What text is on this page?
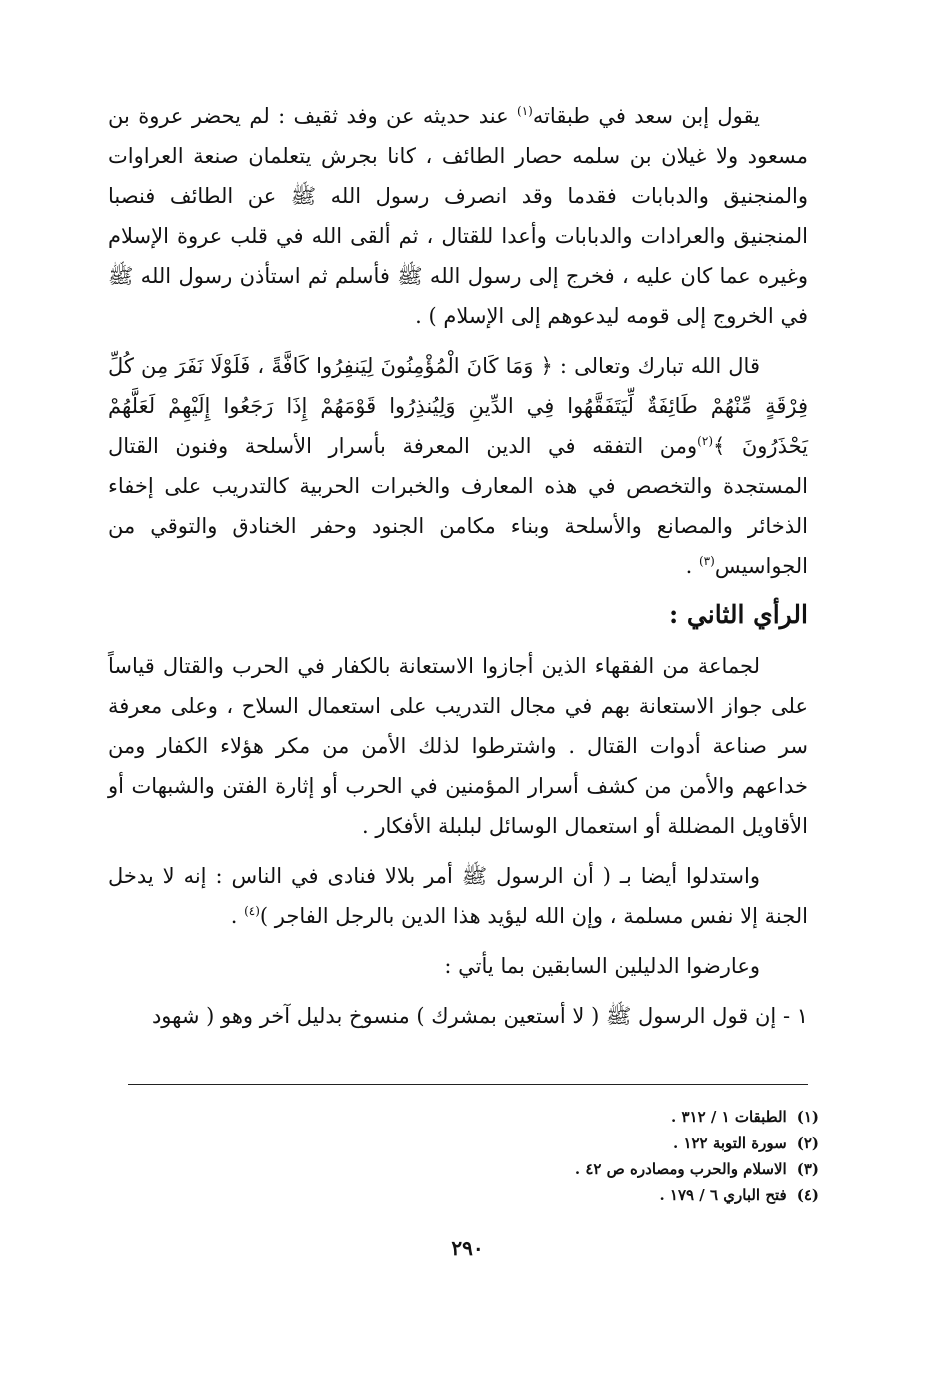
يقول إبن سعد في طبقاته$^{(١)}$ عند حديثه عن وفد ثقيف : لم يحضر عروة بن مسعود ولا غيلان بن سلمه حصار الطائف ، كانا بجرش يتعلمان صنعة العراوات والمنجنيق والدبابات فقدما وقد انصرف رسول الله ﷺ عن الطائف فنصبا المنجنيق والعرادات والدبابات وأعدا للقتال ، ثم ألقى الله في قلب عروة الإسلام وغيره عما كان عليه ، فخرج إلى رسول الله ﷺ فأسلم ثم استأذن رسول الله ﷺ في الخروج إلى قومه ليدعوهم إلى الإسلام ) .

قال الله تبارك وتعالى : ﴿ وَمَا كَانَ الْمُؤْمِنُونَ لِيَنفِرُوا كَافَّةً ، فَلَوْلَا نَفَرَ مِن كُلِّ فِرْقَةٍ مِّنْهُمْ طَائِفَةٌ لِّيَتَفَقَّهُوا فِي الدِّينِ وَلِيُنذِرُوا قَوْمَهُمْ إِذَا رَجَعُوا إِلَيْهِمْ لَعَلَّهُمْ يَحْذَرُونَ ﴾$^{(٢)}$ومن التفقه في الدين المعرفة بأسرار الأسلحة وفنون القتال المستجدة والتخصص في هذه المعارف والخبرات الحربية كالتدريب على إخفاء الذخائر والمصانع والأسلحة وبناء مكامن الجنود وحفر الخنادق والتوقي من الجواسيس$^{(٣)}$ .

الرأي الثاني :

لجماعة من الفقهاء الذين أجازوا الاستعانة بالكفار في الحرب والقتال قياساً على جواز الاستعانة بهم في مجال التدريب على استعمال السلاح ، وعلى معرفة سر صناعة أدوات القتال . واشترطوا لذلك الأمن من مكر هؤلاء الكفار ومن خداعهم والأمن من كشف أسرار المؤمنين في الحرب أو إثارة الفتن والشبهات أو الأقاويل المضللة أو استعمال الوسائل لبلبلة الأفكار .

واستدلوا أيضا بـ ( أن الرسول ﷺ أمر بلالا فنادى في الناس : إنه لا يدخل الجنة إلا نفس مسلمة ، وإن الله ليؤيد هذا الدين بالرجل الفاجر )$^{(٤)}$ .

وعارضوا الدليلين السابقين بما يأتي :

١ - إن قول الرسول ﷺ ( لا أستعين بمشرك ) منسوخ بدليل آخر وهو ( شهود

(١)الطبقات ١ / ٣١٢ .
(٢)سورة التوبة ١٢٢ .
(٣)الاسلام والحرب ومصادره ص ٤٢ .
(٤)فتح الباري ٦ / ١٧٩ .
٢٩٠
